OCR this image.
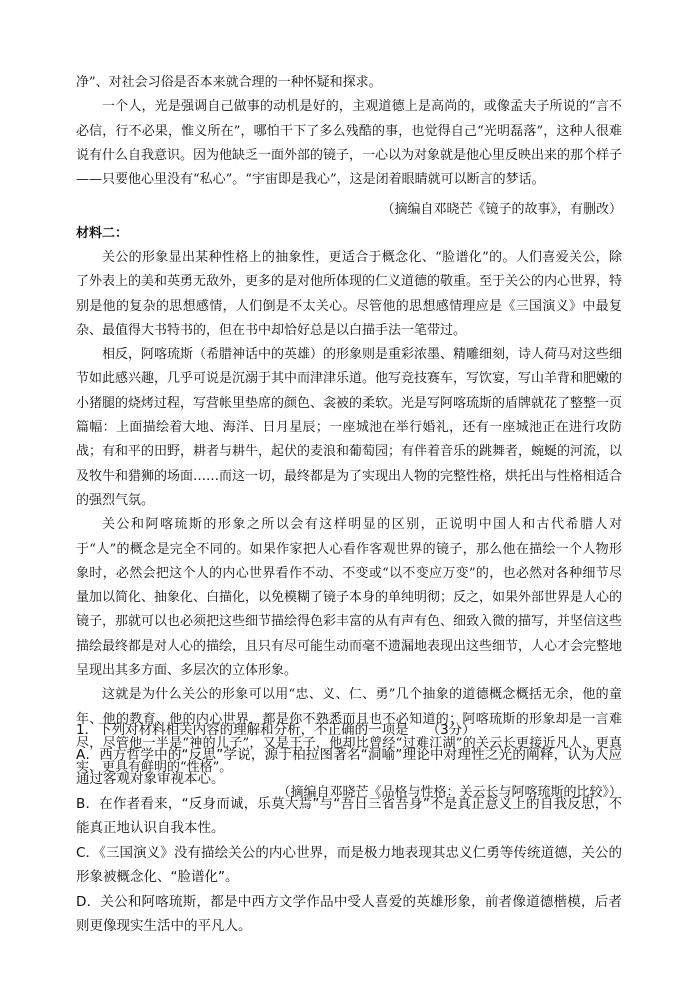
净”、对社会习俗是否本来就合理的一种怀疑和探求。

一个人，光是强调自己做事的动机是好的，主观道德上是高尚的，或像孟夫子所说的“言不必信，行不必果，惟义所在”，哪怕干下了多么残酷的事，也觉得自己“光明磊落”，这种人很难说有什么自我意识。因为他缺乏一面外部的镜子，一心以为对象就是他心里反映出来的那个样子——只要他心里没有“私心”。“宇宙即是我心”，这是闭着眼睛就可以断言的梦话。

（摘编自邓晓芒《镜子的故事》，有删改）

材料二：

关公的形象显出某种性格上的抽象性，更适合于概念化、“脸谱化”的。人们喜爱关公，除了外表上的美和英勇无敌外，更多的是对他所体现的仁义道德的敬重。至于关公的内心世界，特别是他的复杂的思想感情，人们倒是不太关心。尽管他的思想感情理应是《三国演义》中最复杂、最值得大书特书的，但在书中却恰好总是以白描手法一笔带过。

相反，阿喀琉斯（希腊神话中的英雄）的形象则是重彩浓墨、精雕细刻，诗人荷马对这些细节如此感兴趣，几乎可说是沉溺于其中而津津乐道。他写竞技赛车，写饮宴，写山羊背和肥嫩的小猪腿的烧烤过程，写营帐里垫席的颜色、衾被的柔软。光是写阿喀琉斯的盾牌就花了整整一页篇幅：上面描绘着大地、海洋、日月星辰；一座城池在举行婚礼，还有一座城池正在进行攻防战；有和平的田野，耕者与耕牛，起伏的麦浪和葡萄园；有伴着音乐的跳舞者，蜿蜒的河流，以及牧牛和猎狮的场面……而这一切，最终都是为了实现出人物的完整性格，烘托出与性格相适合的强烈气氛。

关公和阿喀琉斯的形象之所以会有这样明显的区别，正说明中国人和古代希腊人对于“人”的概念是完全不同的。如果作家把人心看作客观世界的镜子，那么他在描绘一个人物形象时，必然会把这个人的内心世界看作不动、不变或“以不变应万变”的，也必然对各种细节尽量加以简化、抽象化、白描化，以免模糊了镜子本身的单纯明彻；反之，如果外部世界是人心的镜子，那就可以也必须把这些细节描绘得色彩丰富的从有声有色、细致入微的描写，并坚信这些描绘最终都是对人心的描绘，且只有尽可能生动而毫不遗漏地表现出这些细节，人心才会完整地呈现出其多方面、多层次的立体形象。

这就是为什么关公的形象可以用“忠、义、仁、勇”几个抽象的道德概念概括无余，他的童年、他的教育、他的内心世界，都是你不熟悉而且也不必知道的；阿喀琉斯的形象却是一言难尽，尽管他一半是“神的儿子”，又是王子，他却比曾经“过难江湖”的关云长更接近凡人、更真实、更具有鲜明的“性格”。

（摘编自邓晓芒《品格与性格：关云长与阿喀琉斯的比较》）

1．下列对材料相关内容的理解和分析，不正确的一项是 （3分）

A．西方哲学中的“反思”学说，源于柏拉图著名“洞喻”理论中对理性之光的阐释，认为人应通过客观对象审视本心。

B．在作者看来，“反身而诚，乐莫大焉”与“吾日三省吾身”不是真正意义上的自我反思，不能真正地认识自我本性。

C．《三国演义》没有描绘关公的内心世界，而是极力地表现其忠义仁勇等传统道德，关公的形象被概念化、“脸谱化”。

D．关公和阿喀琉斯，都是中西方文学作品中受人喜爱的英雄形象，前者像道德楷模，后者则更像现实生活中的平凡人。
